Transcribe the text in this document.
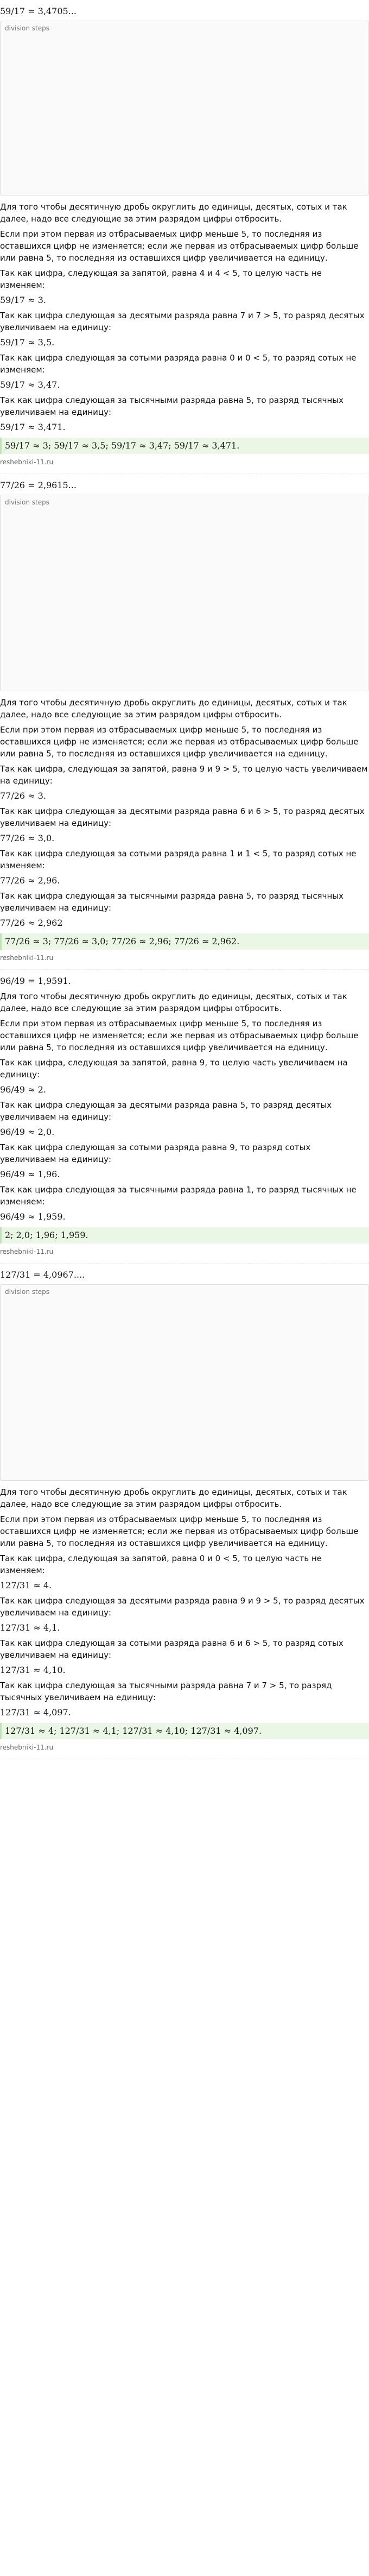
59/17 = 3,4705...
division steps
Для того чтобы десятичную дробь округлить до единицы, десятых, сотых и так далее, надо все следующие за этим разрядом цифры отбросить.
Если при этом первая из отбрасываемых цифр меньше 5, то последняя из оставшихся цифр не изменяется; если же первая из отбрасываемых цифр больше или равна 5, то последняя из оставшихся цифр увеличивается на единицу.
Так как цифра, следующая за запятой, равна 4 и 4 < 5, то целую часть не изменяем:
59/17 ≈ 3.
Так как цифра следующая за десятыми разряда равна 7 и 7 > 5, то разряд десятых увеличиваем на единицу:
59/17 ≈ 3,5.
Так как цифра следующая за сотыми разряда равна 0 и 0 < 5, то разряд сотых не изменяем:
59/17 ≈ 3,47.
Так как цифра следующая за тысячными разряда равна 5, то разряд тысячных увеличиваем на единицу:
59/17 ≈ 3,471.
59/17 ≈ 3; 59/17 ≈ 3,5; 59/17 ≈ 3,47; 59/17 ≈ 3,471.
reshebniki-11.ru
77/26 = 2,9615...
division steps
Для того чтобы десятичную дробь округлить до единицы, десятых, сотых и так далее, надо все следующие за этим разрядом цифры отбросить.
Если при этом первая из отбрасываемых цифр меньше 5, то последняя из оставшихся цифр не изменяется; если же первая из отбрасываемых цифр больше или равна 5, то последняя из оставшихся цифр увеличивается на единицу.
Так как цифра, следующая за запятой, равна 9 и 9 > 5, то целую часть увеличиваем на единицу:
77/26 ≈ 3.
Так как цифра следующая за десятыми разряда равна 6 и 6 > 5, то разряд десятых увеличиваем на единицу:
77/26 ≈ 3,0.
Так как цифра следующая за сотыми разряда равна 1 и 1 < 5, то разряд сотых не изменяем:
77/26 ≈ 2,96.
Так как цифра следующая за тысячными разряда равна 5, то разряд тысячных увеличиваем на единицу:
77/26 ≈ 2,962
77/26 ≈ 3; 77/26 ≈ 3,0; 77/26 ≈ 2,96; 77/26 ≈ 2,962.
reshebniki-11.ru
96/49 = 1,9591.
Для того чтобы десятичную дробь округлить до единицы, десятых, сотых и так далее, надо все следующие за этим разрядом цифры отбросить.
Если при этом первая из отбрасываемых цифр меньше 5, то последняя из оставшихся цифр не изменяется; если же первая из отбрасываемых цифр больше или равна 5, то последняя из оставшихся цифр увеличивается на единицу.
Так как цифра, следующая за запятой, равна 9, то целую часть увеличиваем на единицу:
96/49 ≈ 2.
Так как цифра следующая за десятыми разряда равна 5, то разряд десятых увеличиваем на единицу:
96/49 ≈ 2,0.
Так как цифра следующая за сотыми разряда равна 9, то разряд сотых увеличиваем на единицу:
96/49 ≈ 1,96.
Так как цифра следующая за тысячными разряда равна 1, то разряд тысячных не изменяем:
96/49 ≈ 1,959.
2; 2,0; 1,96; 1,959.
reshebniki-11.ru
127/31 = 4,0967....
division steps
Для того чтобы десятичную дробь округлить до единицы, десятых, сотых и так далее, надо все следующие за этим разрядом цифры отбросить.
Если при этом первая из отбрасываемых цифр меньше 5, то последняя из оставшихся цифр не изменяется; если же первая из отбрасываемых цифр больше или равна 5, то последняя из оставшихся цифр увеличивается на единицу.
Так как цифра, следующая за запятой, равна 0 и 0 < 5, то целую часть не изменяем:
127/31 ≈ 4.
Так как цифра следующая за десятыми разряда равна 9 и 9 > 5, то разряд десятых увеличиваем на единицу:
127/31 ≈ 4,1.
Так как цифра следующая за сотыми разряда равна 6 и 6 > 5, то разряд сотых увеличиваем на единицу:
127/31 ≈ 4,10.
Так как цифра следующая за тысячными разряда равна 7 и 7 > 5, то разряд тысячных увеличиваем на единицу:
127/31 ≈ 4,097.
127/31 ≈ 4; 127/31 ≈ 4,1; 127/31 ≈ 4,10; 127/31 ≈ 4,097.
reshebniki-11.ru
